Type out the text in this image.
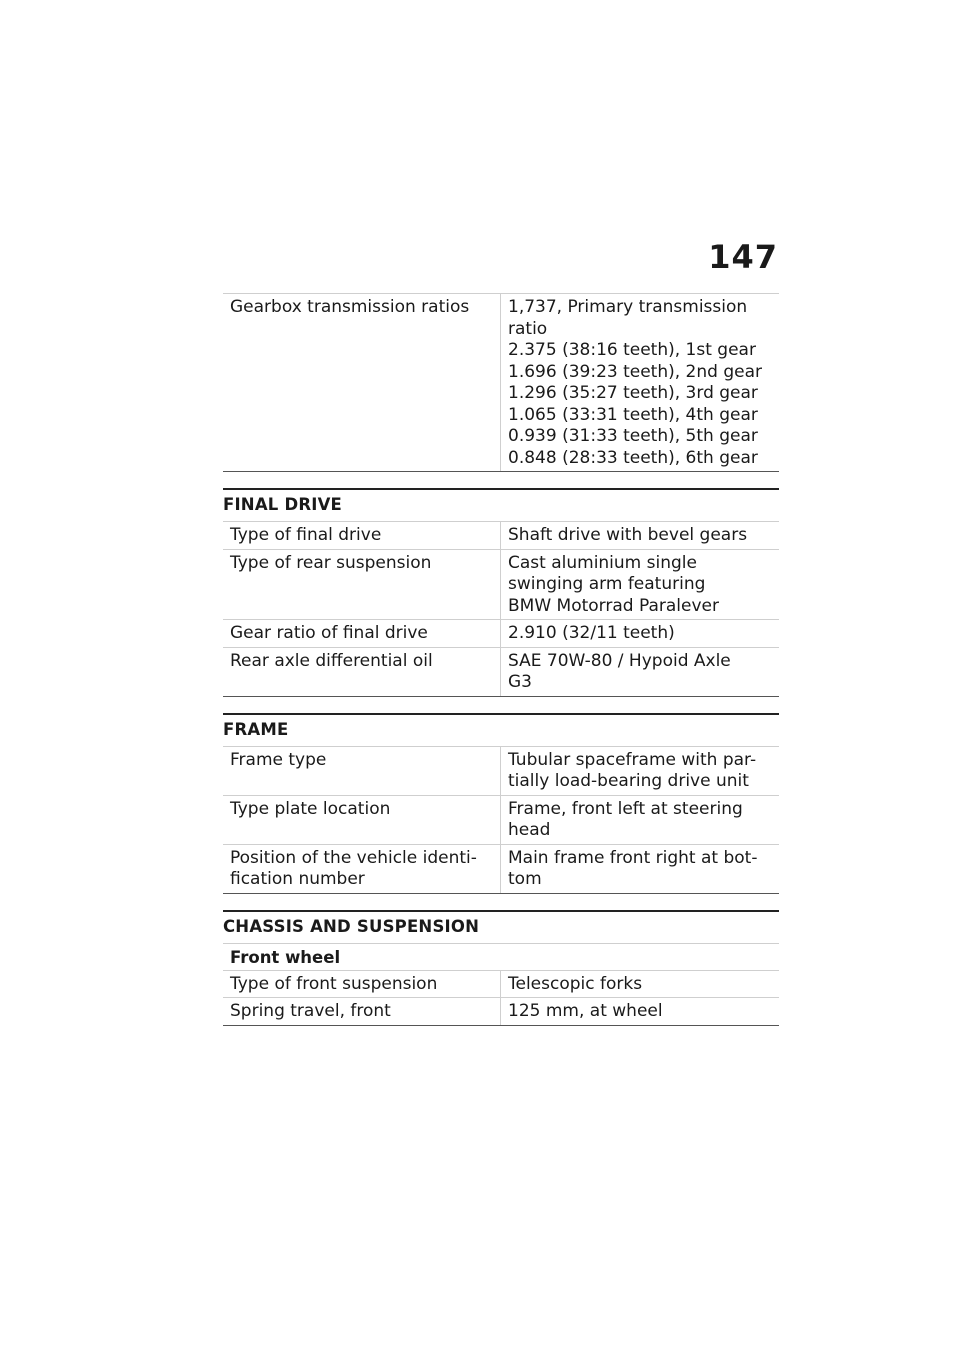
147
Gearbox transmission ratios	1,737, Primary transmission
ratio
2.375 (38:16 teeth), 1st gear
1.696 (39:23 teeth), 2nd gear
1.296 (35:27 teeth), 3rd gear
1.065 (33:31 teeth), 4th gear
0.939 (31:33 teeth), 5th gear
0.848 (28:33 teeth), 6th gear
FINAL DRIVE
Type of final drive	Shaft drive with bevel gears

Type of rear suspension	Cast aluminium single
swinging arm featuring
BMW Motorrad Paralever

Gear ratio of final drive	2.910 (32/11 teeth)

Rear axle differential oil	SAE 70W-80 / Hypoid Axle
G3
FRAME
Frame type	Tubular spaceframe with par-
tially load-bearing drive unit

Type plate location	Frame, front left at steering
head

Position of the vehicle identi-
fication number	Main frame front right at bot-
tom
CHASSIS AND SUSPENSION
Front wheel
Type of front suspension	Telescopic forks
Spring travel, front	125 mm, at wheel
